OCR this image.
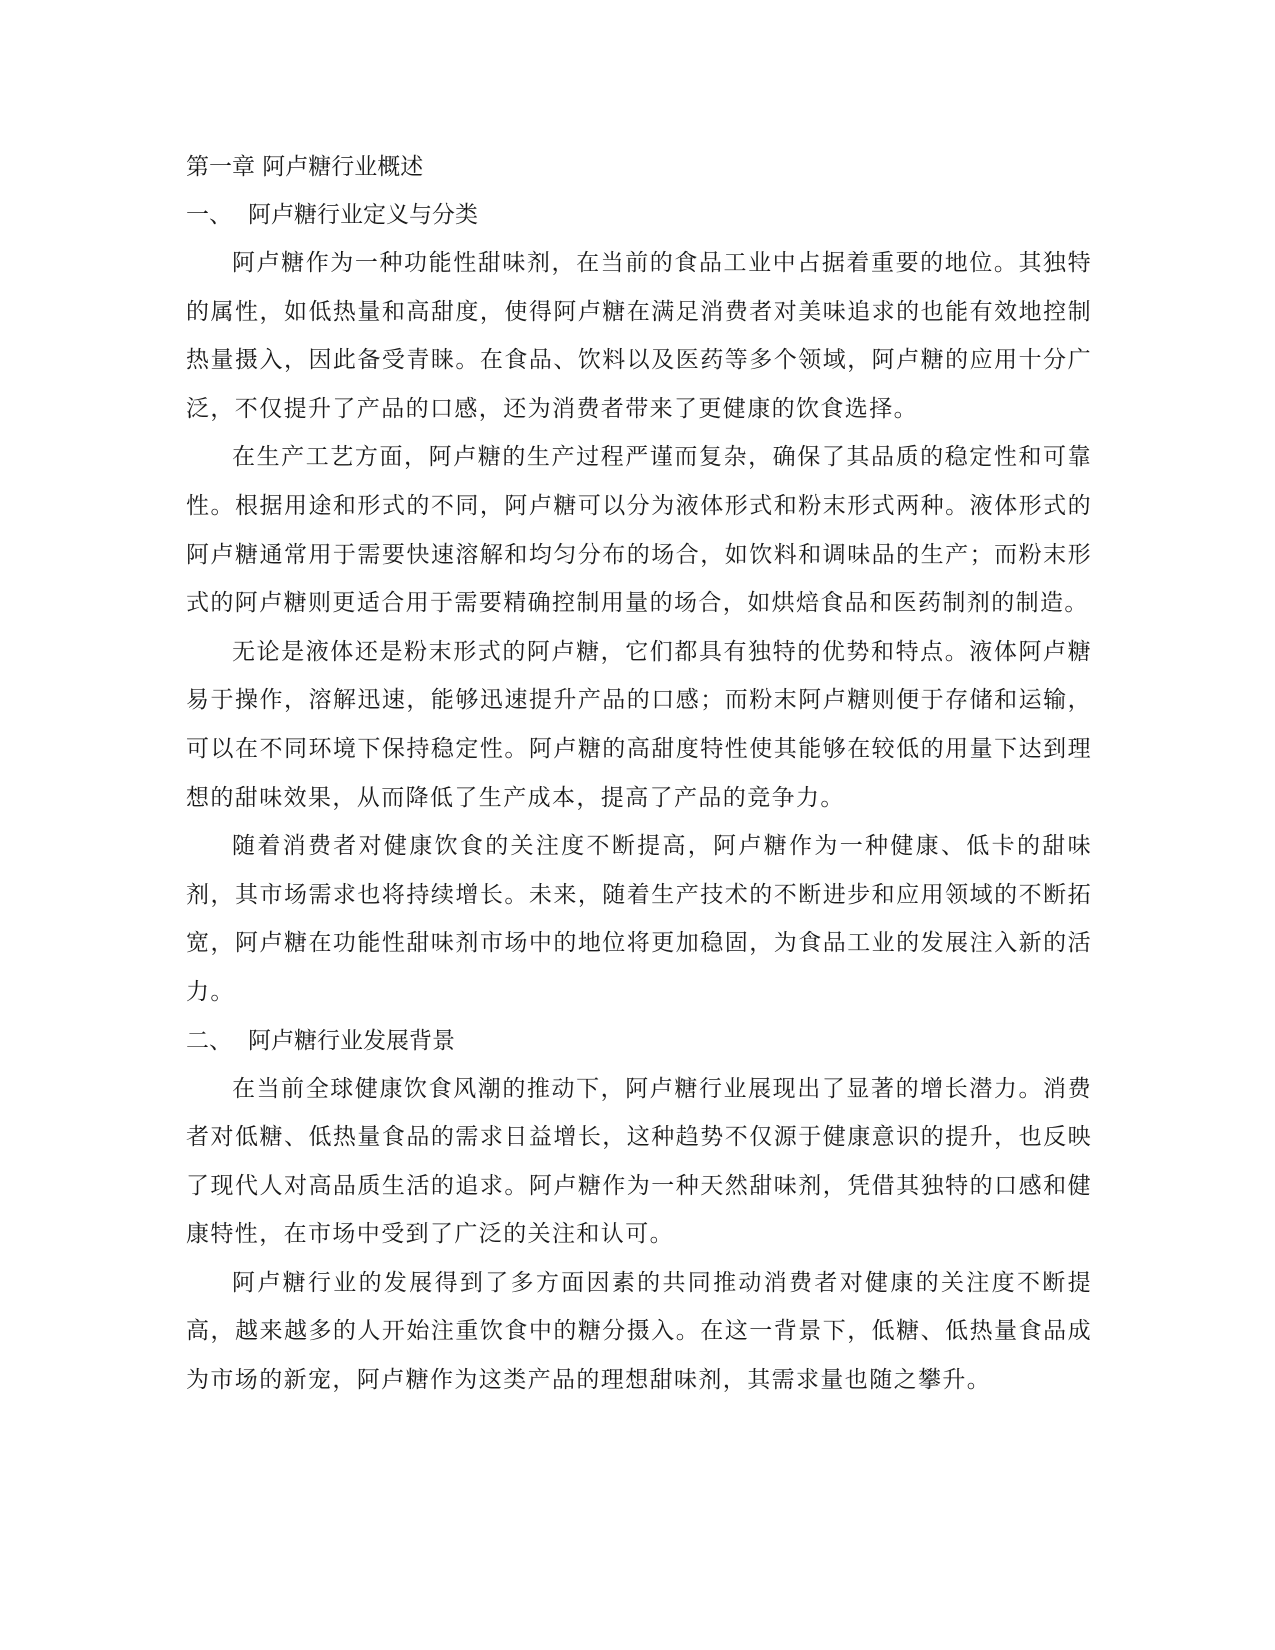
第一章 阿卢糖行业概述
一、 阿卢糖行业定义与分类

阿卢糖作为一种功能性甜味剂，在当前的食品工业中占据着重要的地位。其独特的属性，如低热量和高甜度，使得阿卢糖在满足消费者对美味追求的也能有效地控制热量摄入，因此备受青睐。在食品、饮料以及医药等多个领域，阿卢糖的应用十分广泛，不仅提升了产品的口感，还为消费者带来了更健康的饮食选择。

在生产工艺方面，阿卢糖的生产过程严谨而复杂，确保了其品质的稳定性和可靠性。根据用途和形式的不同，阿卢糖可以分为液体形式和粉末形式两种。液体形式的阿卢糖通常用于需要快速溶解和均匀分布的场合，如饮料和调味品的生产；而粉末形式的阿卢糖则更适合用于需要精确控制用量的场合，如烘焙食品和医药制剂的制造。

无论是液体还是粉末形式的阿卢糖，它们都具有独特的优势和特点。液体阿卢糖易于操作，溶解迅速，能够迅速提升产品的口感；而粉末阿卢糖则便于存储和运输，可以在不同环境下保持稳定性。阿卢糖的高甜度特性使其能够在较低的用量下达到理想的甜味效果，从而降低了生产成本，提高了产品的竞争力。

随着消费者对健康饮食的关注度不断提高，阿卢糖作为一种健康、低卡的甜味剂，其市场需求也将持续增长。未来，随着生产技术的不断进步和应用领域的不断拓宽，阿卢糖在功能性甜味剂市场中的地位将更加稳固，为食品工业的发展注入新的活力。

二、 阿卢糖行业发展背景

在当前全球健康饮食风潮的推动下，阿卢糖行业展现出了显著的增长潜力。消费者对低糖、低热量食品的需求日益增长，这种趋势不仅源于健康意识的提升，也反映了现代人对高品质生活的追求。阿卢糖作为一种天然甜味剂，凭借其独特的口感和健康特性，在市场中受到了广泛的关注和认可。

阿卢糖行业的发展得到了多方面因素的共同推动消费者对健康的关注度不断提高，越来越多的人开始注重饮食中的糖分摄入。在这一背景下，低糖、低热量食品成为市场的新宠，阿卢糖作为这类产品的理想甜味剂，其需求量也随之攀升。
